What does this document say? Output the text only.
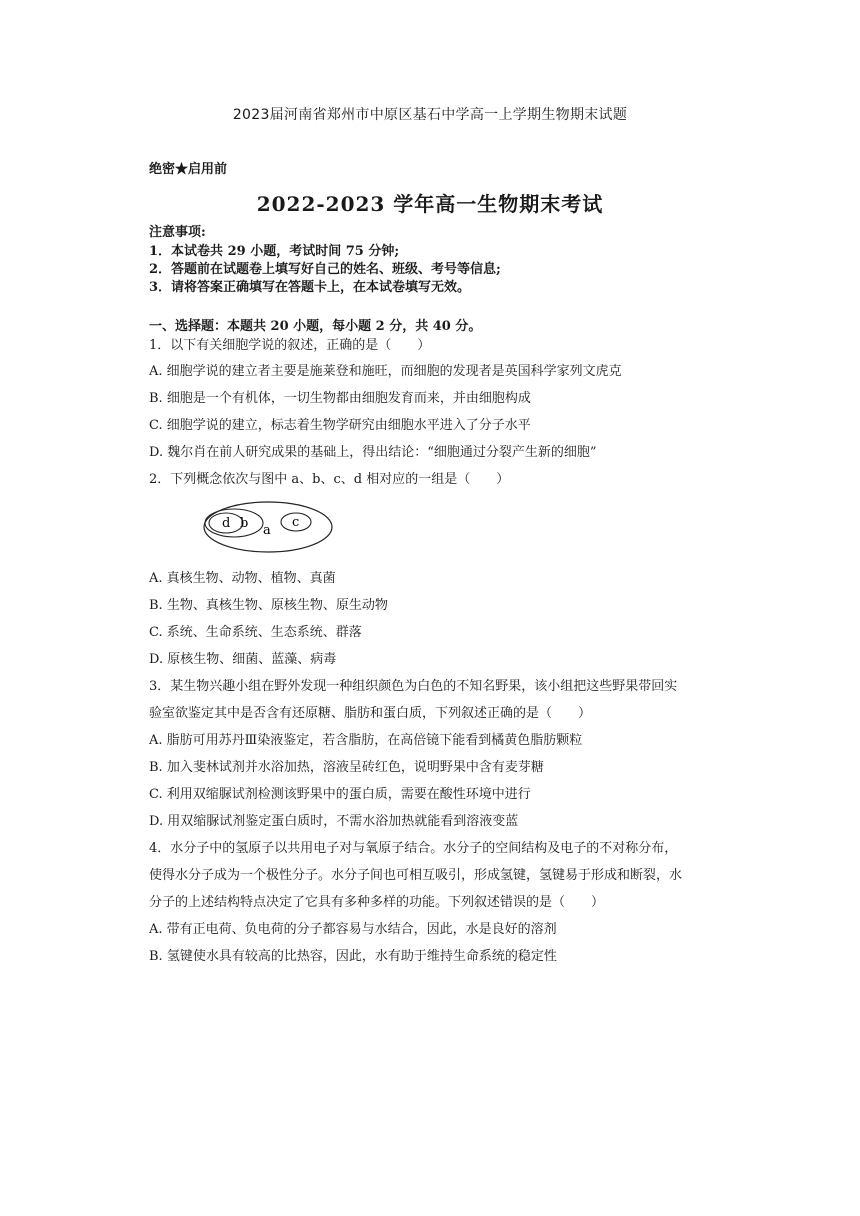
2023届河南省郑州市中原区基石中学高一上学期生物期末试题
绝密★启用前
2022-2023 学年高一生物期末考试
注意事项:
1．本试卷共 29 小题，考试时间 75 分钟;
2．答题前在试题卷上填写好自己的姓名、班级、考号等信息;
3．请将答案正确填写在答题卡上，在本试卷填写无效。
一、选择题：本题共 20 小题，每小题 2 分，共 40 分。
1．以下有关细胞学说的叙述，正确的是（　　）
A. 细胞学说的建立者主要是施莱登和施旺，而细胞的发现者是英国科学家列文虎克
B. 细胞是一个有机体，一切生物都由细胞发育而来，并由细胞构成
C. 细胞学说的建立，标志着生物学研究由细胞水平进入了分子水平
D. 魏尔肖在前人研究成果的基础上，得出结论：“细胞通过分裂产生新的细胞”
2．下列概念依次与图中 a、b、c、d 相对应的一组是（　　）
d b a
c
A. 真核生物、动物、植物、真菌
B. 生物、真核生物、原核生物、原生动物
C. 系统、生命系统、生态系统、群落
D. 原核生物、细菌、蓝藻、病毒
3．某生物兴趣小组在野外发现一种组织颜色为白色的不知名野果，该小组把这些野果带回实
验室欲鉴定其中是否含有还原糖、脂肪和蛋白质，下列叙述正确的是（　　）
A. 脂肪可用苏丹Ⅲ染液鉴定，若含脂肪，在高倍镜下能看到橘黄色脂肪颗粒
B. 加入斐林试剂并水浴加热，溶液呈砖红色，说明野果中含有麦芽糖
C. 利用双缩脲试剂检测该野果中的蛋白质，需要在酸性环境中进行
D. 用双缩脲试剂鉴定蛋白质时，不需水浴加热就能看到溶液变蓝
4．水分子中的氢原子以共用电子对与氧原子结合。水分子的空间结构及电子的不对称分布，
使得水分子成为一个极性分子。水分子间也可相互吸引，形成氢键，氢键易于形成和断裂，水
分子的上述结构特点决定了它具有多种多样的功能。下列叙述错误的是（　　）
A. 带有正电荷、负电荷的分子都容易与水结合，因此，水是良好的溶剂
B. 氢键使水具有较高的比热容，因此，水有助于维持生命系统的稳定性
